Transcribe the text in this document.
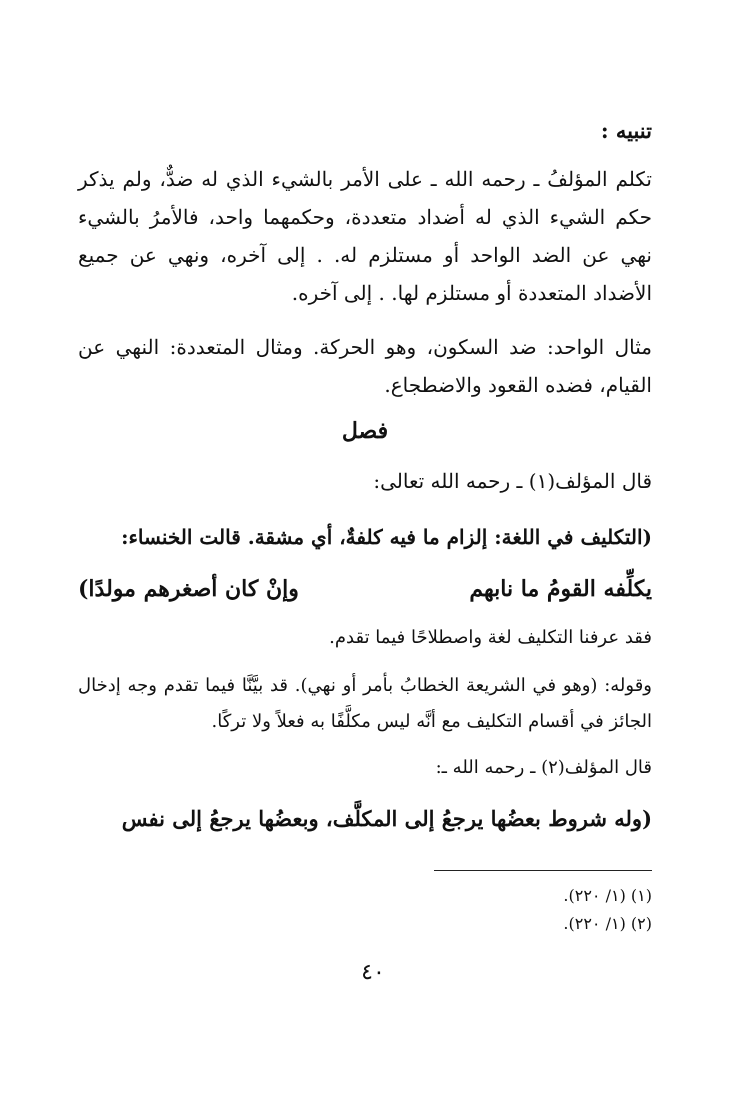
تنبيه :
تكلم المؤلفُ ـ رحمه الله ـ على الأمر بالشيء الذي له ضدٌّ، ولم يذكر حكم الشيء الذي له أضداد متعددة، وحكمهما واحد، فالأمرُ بالشيء نهي عن الضد الواحد أو مستلزم له. . إلى آخره، ونهي عن جميع الأضداد المتعددة أو مستلزم لها. . إلى آخره.
مثال الواحد: ضد السكون، وهو الحركة. ومثال المتعددة: النهي عن القيام، فضده القعود والاضطجاع.
فصل
قال المؤلف(١) ـ رحمه الله تعالى:
(التكليف في اللغة: إلزام ما فيه كلفةٌ، أي مشقة. قالت الخنساء:
يكلِّفه القومُ ما نابهم
وإنْ كان أصغرهم مولدًا)
فقد عرفنا التكليف لغة واصطلاحًا فيما تقدم.
وقوله: (وهو في الشريعة الخطابُ بأمر أو نهي). قد بيَّنَّا فيما تقدم وجه إدخال الجائز في أقسام التكليف مع أنَّه ليس مكلَّفًا به فعلاً ولا تركًا.
قال المؤلف(٢) ـ رحمه الله ـ:
(وله شروط بعضُها يرجعُ إلى المكلَّف، وبعضُها يرجعُ إلى نفس
(١) (١/ ٢٢٠).
(٢) (١/ ٢٢٠).
٤٠
